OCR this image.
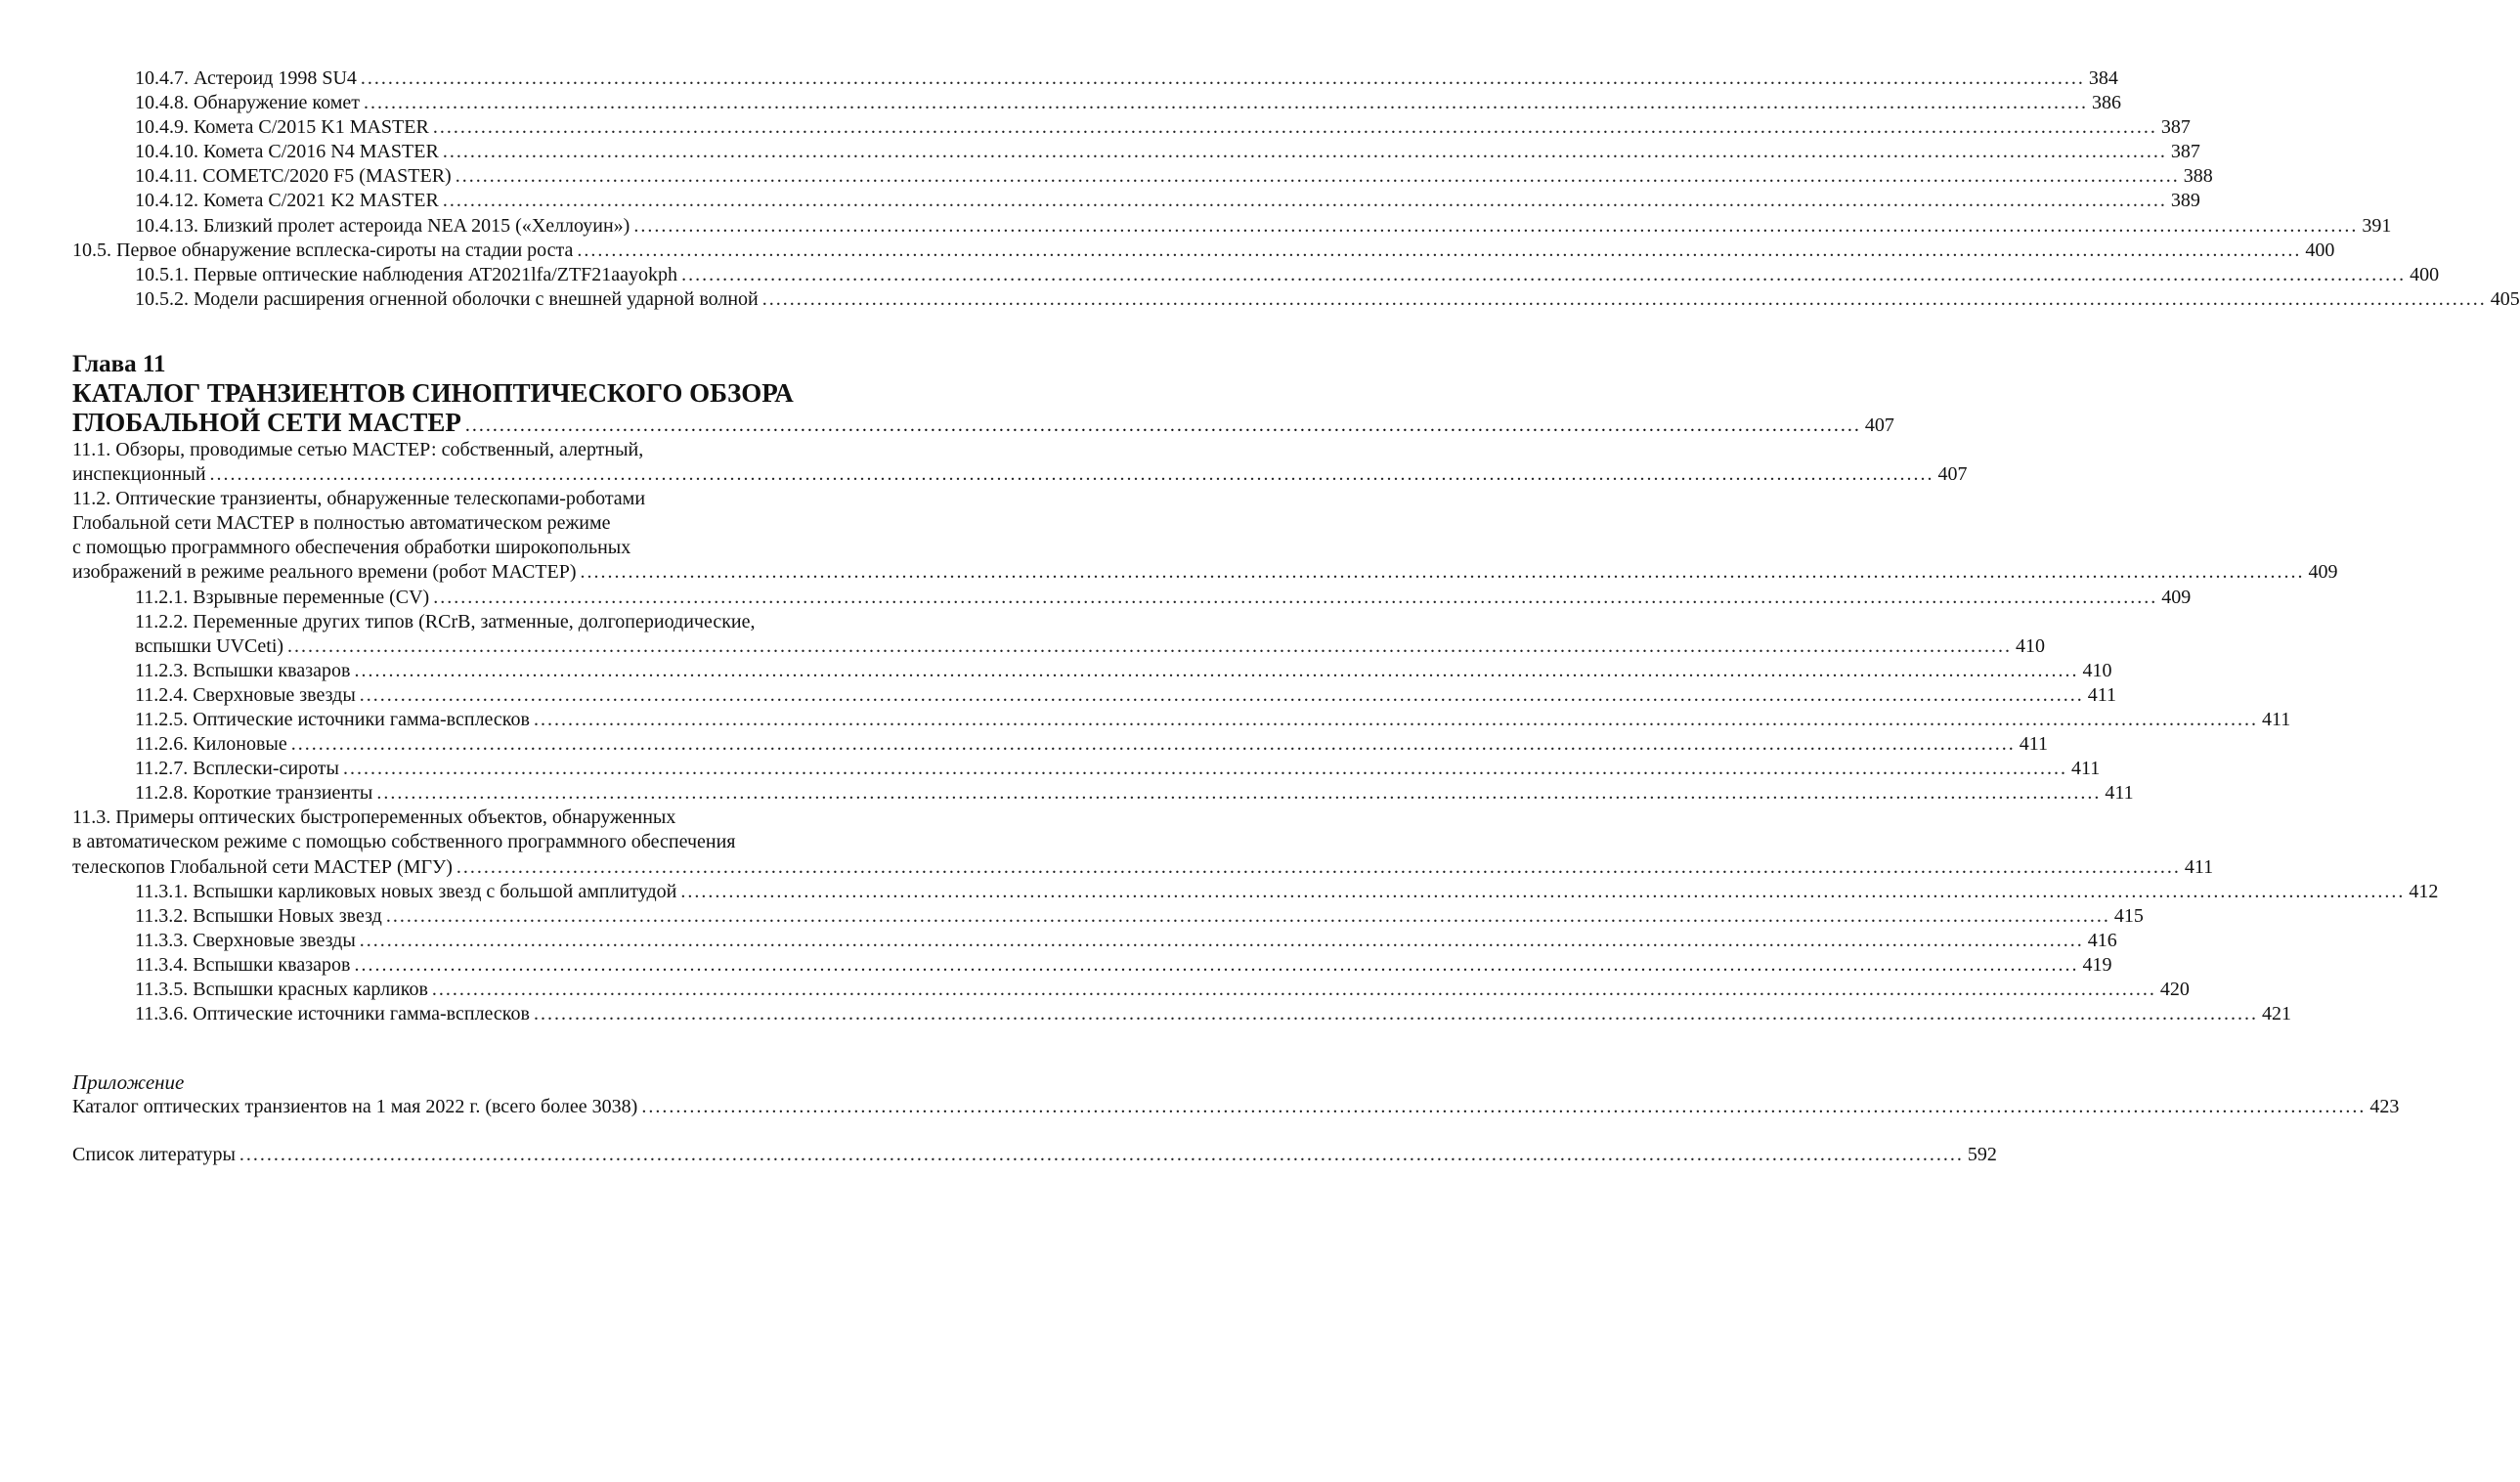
10.4.7. Астероид 1998 SU4 .....	384
10.4.8. Обнаружение комет .....	386
10.4.9. Комета C/2015 K1 MASTER .....	387
10.4.10. Комета C/2016 N4 MASTER .....	387
10.4.11. COMETC/2020 F5 (MASTER) .....	388
10.4.12. Комета C/2021 K2 MASTER .....	389
10.4.13. Близкий пролет астероида NEA 2015 («Хеллоуин») .....	391
10.5. Первое обнаружение всплеска-сироты на стадии роста .....	400
10.5.1. Первые оптические наблюдения AT2021lfa/ZTF21aayokph .....	400
10.5.2. Модели расширения огненной оболочки с внешней ударной волной .....	405
Глава 11
КАТАЛОГ ТРАНЗИЕНТОВ СИНОПТИЧЕСКОГО ОБЗОРА
ГЛОБАЛЬНОЙ СЕТИ МАСТЕР .....	407
11.1. Обзоры, проводимые сетью МАСТЕР: собственный, алертный,
инспекционный .....	407
11.2. Оптические транзиенты, обнаруженные телескопами-роботами
Глобальной сети МАСТЕР в полностью автоматическом режиме
с помощью программного обеспечения обработки широкопольных
изображений в режиме реального времени (робот МАСТЕР) .....	409
11.2.1. Взрывные переменные (CV) .....	409
11.2.2. Переменные других типов (RCrB, затменные, долгопериодические,
вспышки UVCeti) .....	410
11.2.3. Вспышки квазаров .....	410
11.2.4. Сверхновые звезды .....	411
11.2.5. Оптические источники гамма-всплесков .....	411
11.2.6. Килоновые .....	411
11.2.7. Всплески-сироты .....	411
11.2.8. Короткие транзиенты .....	411
11.3. Примеры оптических быстропеременных объектов, обнаруженных
в автоматическом режиме с помощью собственного программного обеспечения
телескопов Глобальной сети МАСТЕР (МГУ) .....	411
11.3.1. Вспышки карликовых новых звезд с большой амплитудой .....	412
11.3.2. Вспышки Новых звезд .....	415
11.3.3. Сверхновые звезды .....	416
11.3.4. Вспышки квазаров .....	419
11.3.5. Вспышки красных карликов .....	420
11.3.6. Оптические источники гамма-всплесков .....	421
Приложение
Каталог оптических транзиентов на 1 мая 2022 г. (всего более 3038) .....	423
Список литературы .....	592
